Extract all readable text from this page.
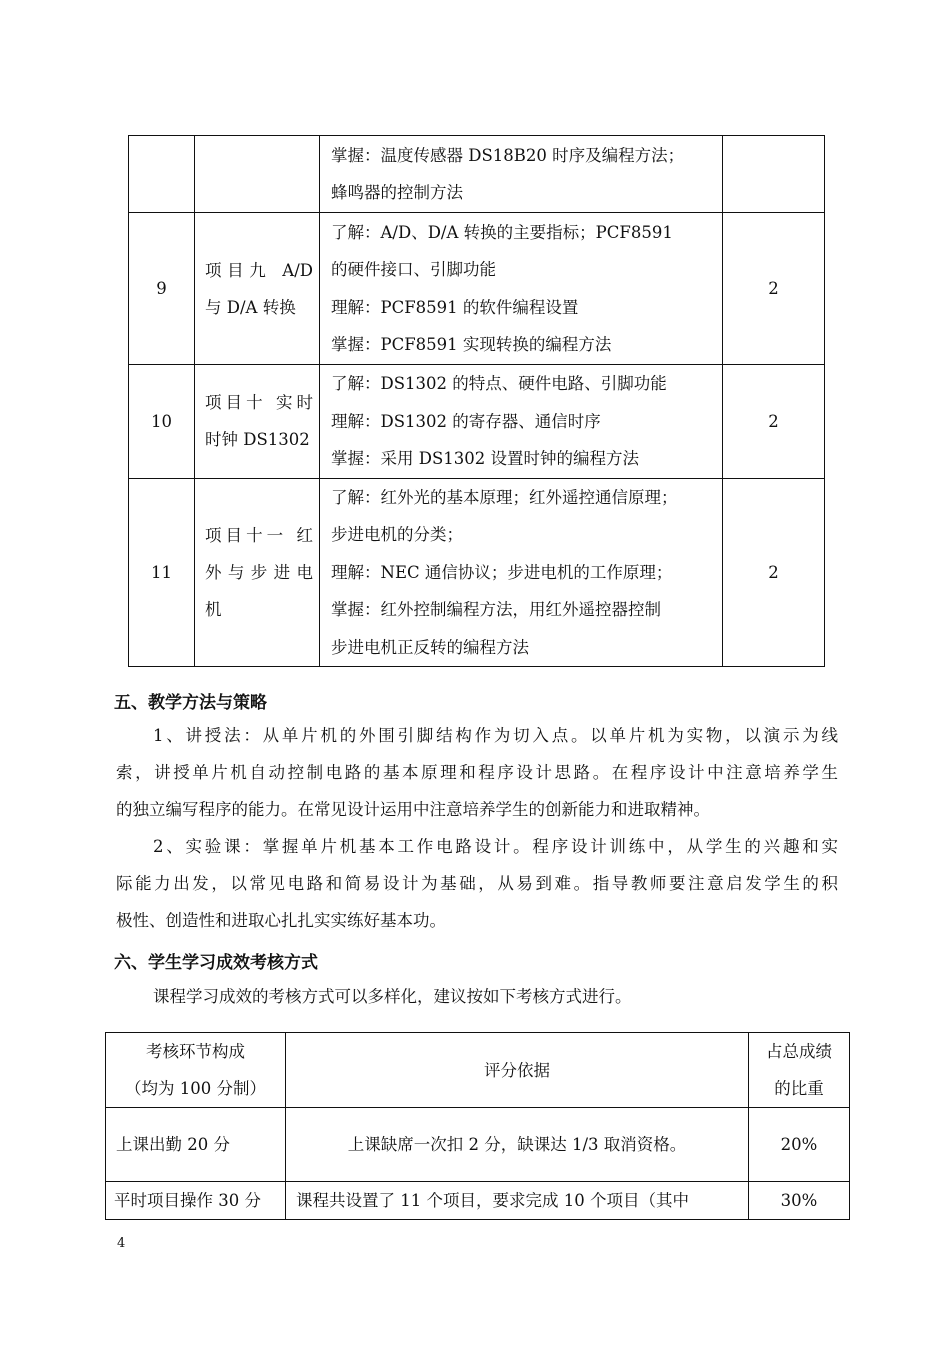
		掌握：温度传感器 DS18B20 时序及编程方法；
蜂鸣器的控制方法	

9	项目九 A/D
与 D/A 转换	了解：A/D、D/A 转换的主要指标；PCF8591
的硬件接口、引脚功能
理解：PCF8591 的软件编程设置
掌握：PCF8591 实现转换的编程方法	2
10	项目十 实时
时钟 DS1302	了解：DS1302 的特点、硬件电路、引脚功能
理解：DS1302 的寄存器、通信时序
掌握：采用 DS1302 设置时钟的编程方法	2
11	项目十一 红
外与步进电
机	了解：红外光的基本原理；红外遥控通信原理；
步进电机的分类；
理解：NEC 通信协议；步进电机的工作原理；
掌握：红外控制编程方法，用红外遥控器控制
步进电机正反转的编程方法	2
五、教学方法与策略
1、讲授法：从单片机的外围引脚结构作为切入点。以单片机为实物，以演示为线
索，讲授单片机自动控制电路的基本原理和程序设计思路。在程序设计中注意培养学生
的独立编写程序的能力。在常见设计运用中注意培养学生的创新能力和进取精神。
2、实验课：掌握单片机基本工作电路设计。程序设计训练中，从学生的兴趣和实
际能力出发，以常见电路和简易设计为基础，从易到难。指导教师要注意启发学生的积
极性、创造性和进取心扎扎实实练好基本功。
六、学生学习成效考核方式
课程学习成效的考核方式可以多样化，建议按如下考核方式进行。
考核环节构成
（均为 100 分制）	评分依据	占总成绩
的比重

上课出勤 20 分	上课缺席一次扣 2 分，缺课达 1/3 取消资格。	20%
平时项目操作 30 分	课程共设置了 11 个项目，要求完成 10 个项目（其中	30%
4
